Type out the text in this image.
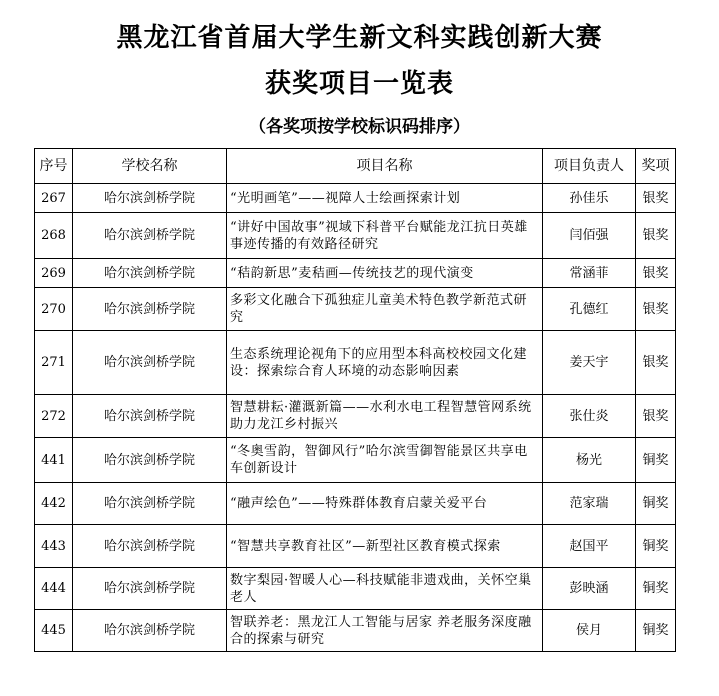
黑龙江省首届大学生新文科实践创新大赛
获奖项目一览表
（各奖项按学校标识码排序）
序号	学校名称	项目名称	项目负责人	奖项
267	哈尔滨剑桥学院	“光明画笔”——视障人士绘画探索计划	孙佳乐	银奖
268	哈尔滨剑桥学院	“讲好中国故事”视域下科普平台赋能龙江抗日英雄事迹传播的有效路径研究	闫佰强	银奖
269	哈尔滨剑桥学院	“秸韵新思”麦秸画—传统技艺的现代演变	常涵菲	银奖
270	哈尔滨剑桥学院	多彩文化融合下孤独症儿童美术特色教学新范式研究	孔德红	银奖
271	哈尔滨剑桥学院	生态系统理论视角下的应用型本科高校校园文化建设：探索综合育人环境的动态影响因素	姜天宇	银奖
272	哈尔滨剑桥学院	智慧耕耘·灌溉新篇——水利水电工程智慧管网系统助力龙江乡村振兴	张仕炎	银奖
441	哈尔滨剑桥学院	“冬奥雪韵，智御风行”哈尔滨雪御智能景区共享电车创新设计	杨光	铜奖
442	哈尔滨剑桥学院	“融声绘色”——特殊群体教育启蒙关爱平台	范家瑞	铜奖
443	哈尔滨剑桥学院	“智慧共享教育社区”—新型社区教育模式探索	赵国平	铜奖
444	哈尔滨剑桥学院	数字梨园·智暖人心—科技赋能非遗戏曲，关怀空巢老人	彭映涵	铜奖
445	哈尔滨剑桥学院	智联养老：黑龙江人工智能与居家 养老服务深度融合的探索与研究	侯月	铜奖
